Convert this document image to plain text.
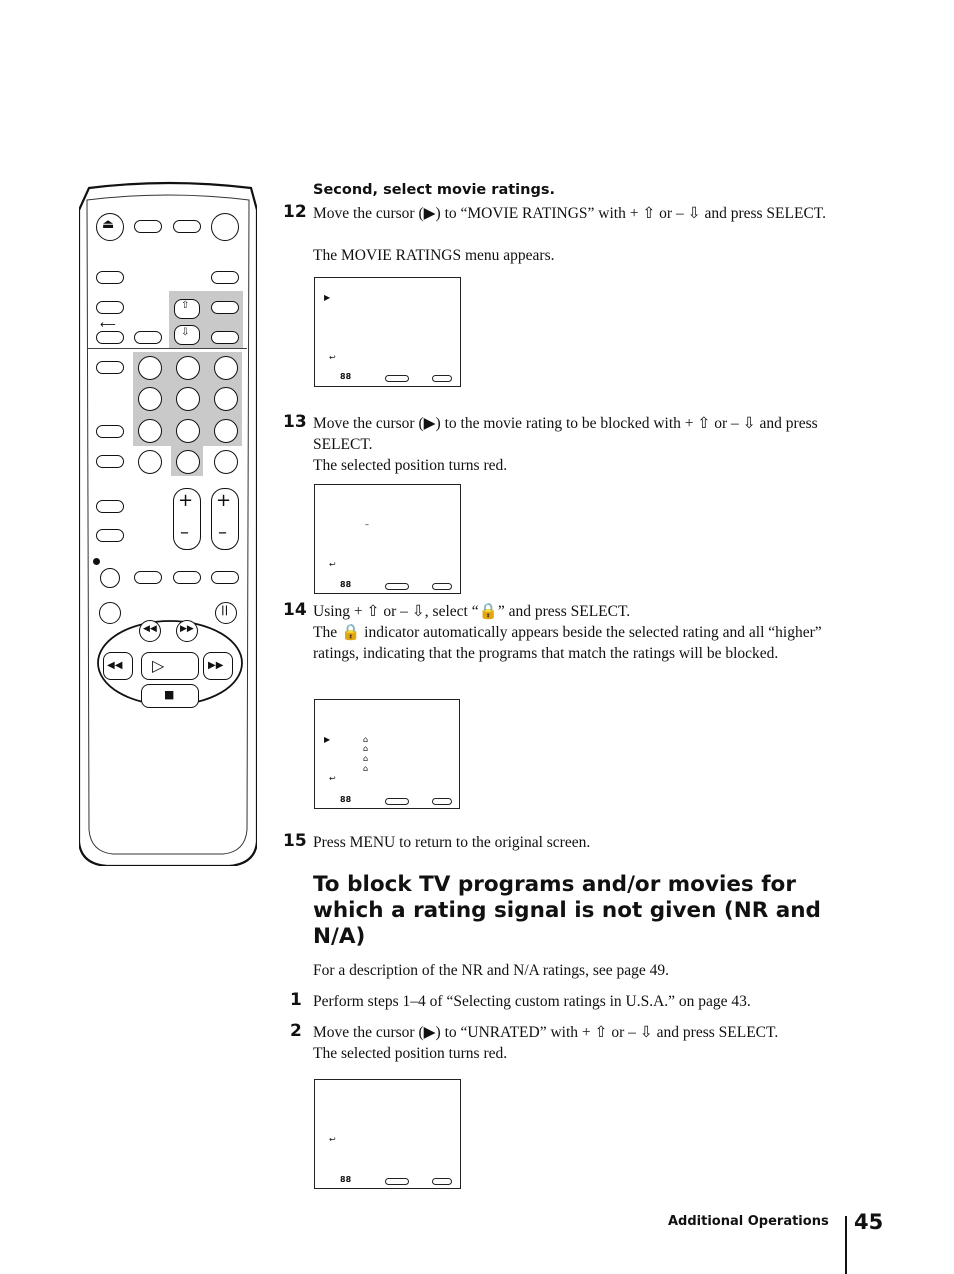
⏏
⇧
⇩
⟵
+
–
+
–
||
◀◀	▶▶
◀◀ ▷	▶▶
■
Second, select movie ratings.
12 Move the cursor (▶) to “MOVIE RATINGS” with + ⇧ or – ⇩ and press SELECT.
The MOVIE RATINGS menu appears.
▶
↩
88
13 Move the cursor (▶) to the movie rating to be blocked with + ⇧ or – ⇩ and press SELECT.
The selected position turns red.
–
↩
88
14 Using + ⇧ or – ⇩, select “🔒” and press SELECT.
The 🔒 indicator automatically appears beside the selected rating and all “higher” ratings, indicating that the programs that match the ratings will be blocked.
▶	⌂
⌂
⌂
⌂
↩
88
15 Press MENU to return to the original screen.
To block TV programs and/or movies for which a rating signal is not given (NR and N/A)
For a description of the NR and N/A ratings, see page 49.
1 Perform steps 1–4 of “Selecting custom ratings in U.S.A.” on page 43.
2 Move the cursor (▶) to “UNRATED” with + ⇧ or – ⇩ and press SELECT.
The selected position turns red.
↩
88
Additional Operations 45
